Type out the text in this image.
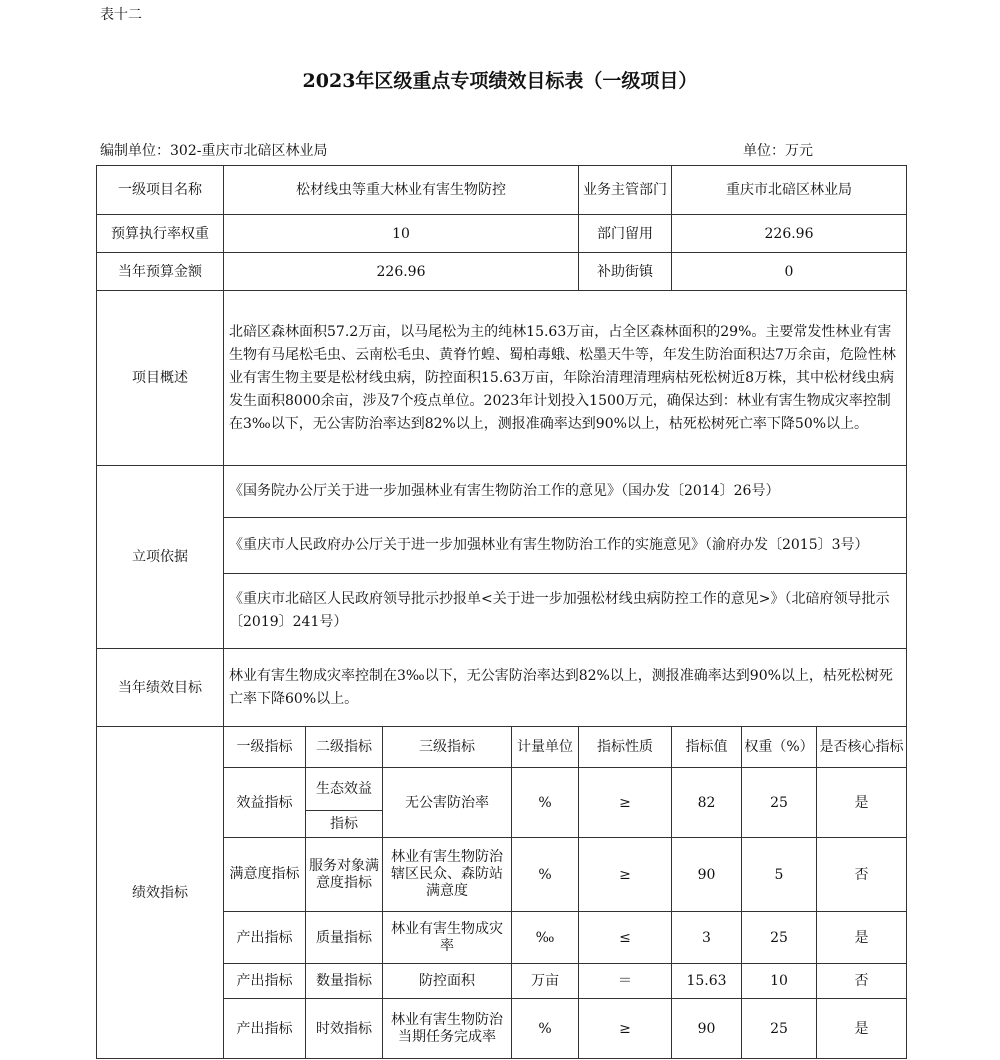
表十二
2023年区级重点专项绩效目标表（一级项目）
编制单位：302-重庆市北碚区林业局	单位：万元
一级项目名称	松材线虫等重大林业有害生物防控				业务主管部门	重庆市北碚区林业局		
预算执行率权重	10				部门留用	226.96		
当年预算金额	226.96				补助街镇	0		
项目概述	北碚区森林面积57.2万亩，以马尾松为主的纯林15.63万亩，占全区森林面积的29%。主要常发性林业有害生物有马尾松毛虫、云南松毛虫、黄脊竹蝗、蜀柏毒蛾、松墨天牛等，年发生防治面积达7万余亩，危险性林业有害生物主要是松材线虫病，防控面积15.63万亩，年除治清理清理病枯死松树近8万株，其中松材线虫病发生面积8000余亩，涉及7个疫点单位。2023年计划投入1500万元，确保达到：林业有害生物成灾率控制在3‰以下，无公害防治率达到82%以上，测报准确率达到90%以上，枯死松树死亡率下降50%以上。							
立项依据	《国务院办公厅关于进一步加强林业有害生物防治工作的意见》（国办发〔2014〕26号）							
	《重庆市人民政府办公厅关于进一步加强林业有害生物防治工作的实施意见》（渝府办发〔2015〕3号）							
	《重庆市北碚区人民政府领导批示抄报单<关于进一步加强松材线虫病防控工作的意见>》（北碚府领导批示〔2019〕241号）							
当年绩效目标	林业有害生物成灾率控制在3‰以下，无公害防治率达到82%以上，测报准确率达到90%以上，枯死松树死亡率下降60%以上。							
绩效指标	一级指标	二级指标	三级指标	计量单位	指标性质	指标值	权重（%）	是否核心指标
	效益指标	生态效益	无公害防治率	%	≥	82	25	是
		指标						
	满意度指标	服务对象满意度指标	林业有害生物防治辖区民众、森防站满意度	%	≥	90	5	否
	产出指标	质量指标	林业有害生物成灾率	‰	≤	3	25	是
	产出指标	数量指标	防控面积	万亩	＝	15.63	10	否
	产出指标	时效指标	林业有害生物防治当期任务完成率	%	≥	90	25	是
